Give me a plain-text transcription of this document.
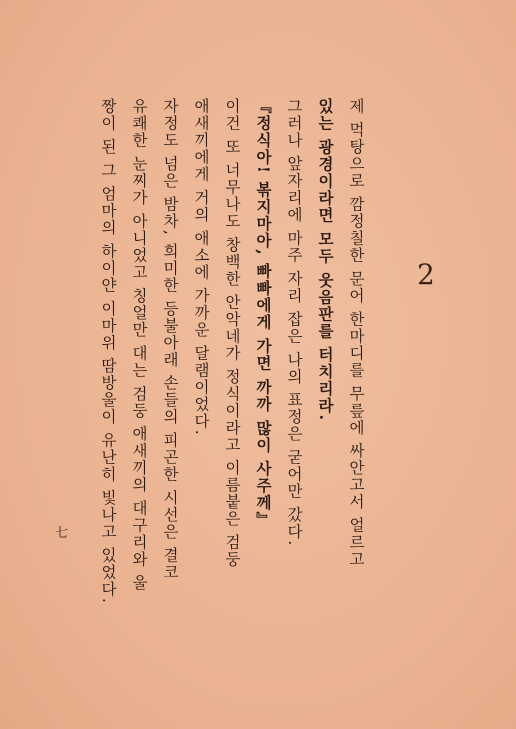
2
제 먹탕으로 깜정칠한 문어 한마디를 무릎에 싸안고서 얼르고
있는 광경이라면 모두 웃음판를 터치리라.
그러나 앞자리에 마주 자리 잡은 나의 표정은 굳어만 갔다.
『정식아! 볶지마아, 빠빠에게 가면 까까 많이 사주께』
이건 또 너무나도 창백한 안악네가 정식이라고 이름붙은 검둥
애새끼에게 거의 애소에 가까운 달램이었다.
자정도 넘은 밤차, 희미한 등불아래 손들의 피곤한 시선은 결코
유쾌한 눈찌가 아니었고 칭얼만 대는 검둥 애새끼의 대구리와 울
짱이 된 그 엄마의 하이얀 이마위 땀방울이 유난히 빛나고 있었다.
七
